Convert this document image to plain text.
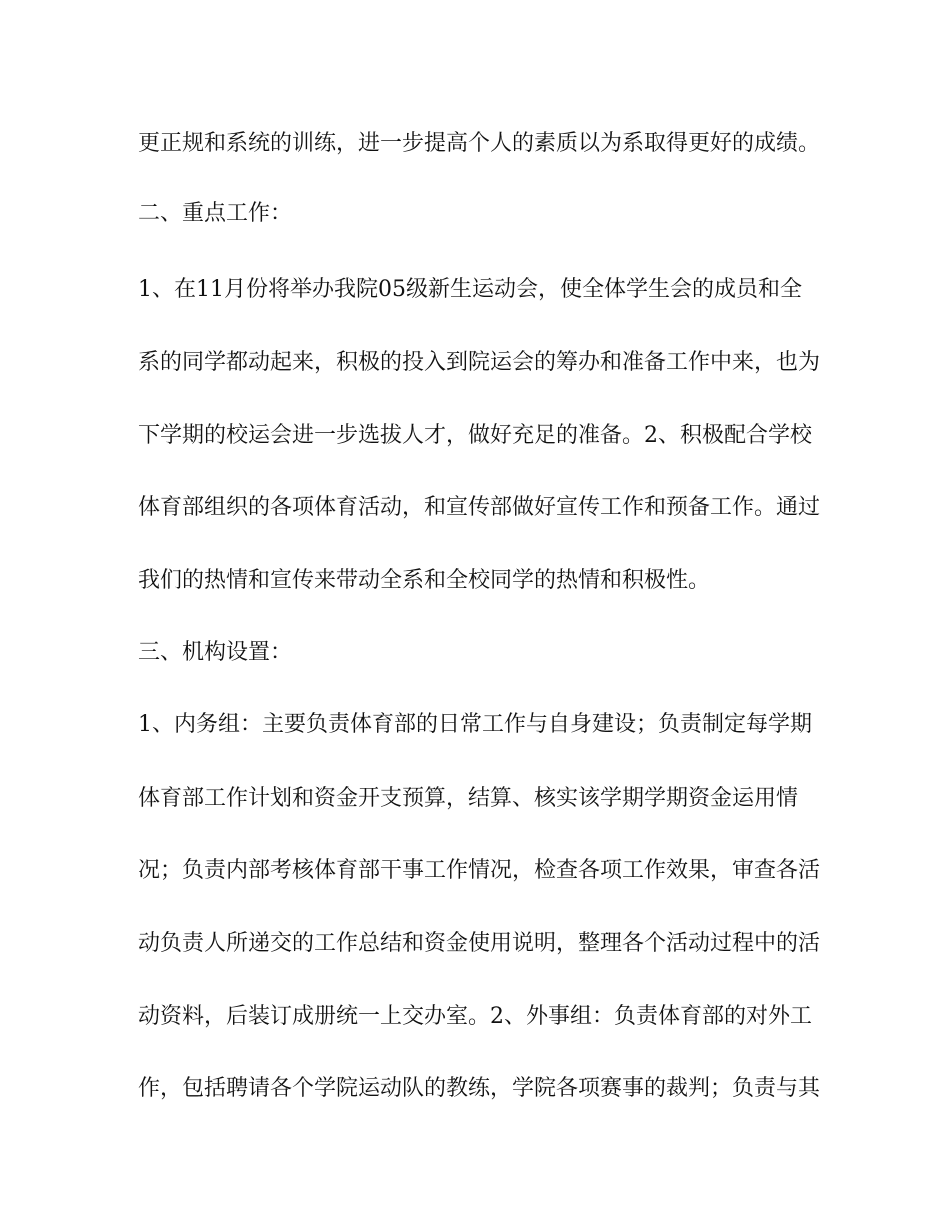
更正规和系统的训练，进一步提高个人的素质以为系取得更好的成绩。
二、重点工作：
1、在11月份将举办我院05级新生运动会，使全体学生会的成员和全
系的同学都动起来，积极的投入到院运会的筹办和准备工作中来，也为
下学期的校运会进一步选拔人才，做好充足的准备。2、积极配合学校
体育部组织的各项体育活动，和宣传部做好宣传工作和预备工作。通过
我们的热情和宣传来带动全系和全校同学的热情和积极性。
三、机构设置：
1、内务组：主要负责体育部的日常工作与自身建设；负责制定每学期
体育部工作计划和资金开支预算，结算、核实该学期学期资金运用情
况；负责内部考核体育部干事工作情况，检查各项工作效果，审查各活
动负责人所递交的工作总结和资金使用说明，整理各个活动过程中的活
动资料，后装订成册统一上交办室。2、外事组：负责体育部的对外工
作，包括聘请各个学院运动队的教练，学院各项赛事的裁判；负责与其
